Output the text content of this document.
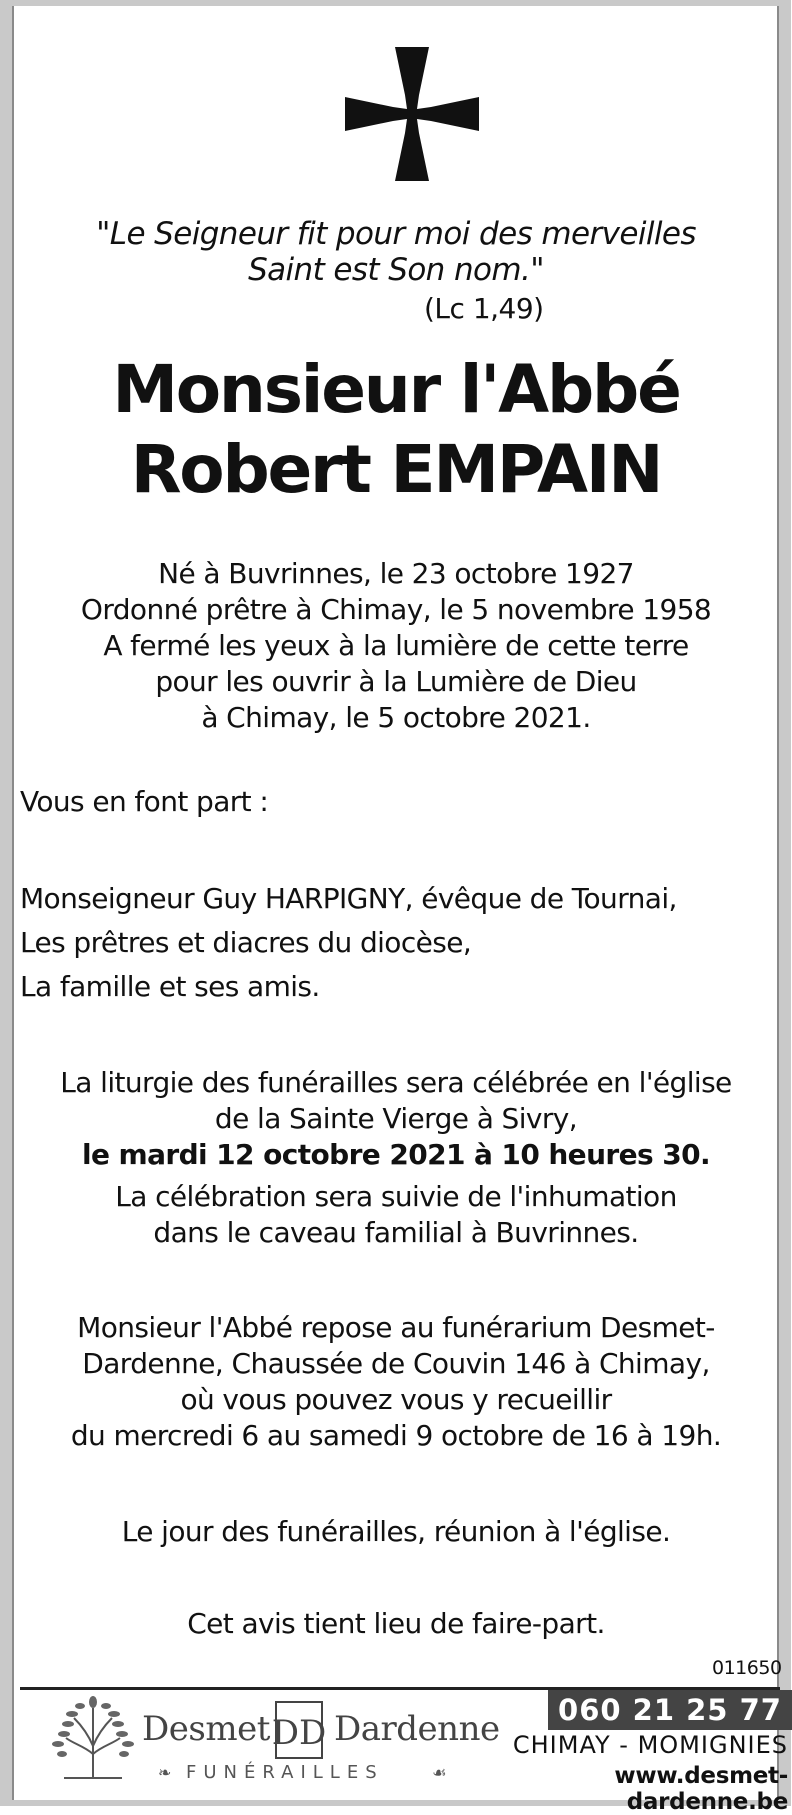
"Le Seigneur fit pour moi des merveilles
Saint est Son nom."
(Lc 1,49)
Monsieur l'Abbé
Robert EMPAIN
Né à Buvrinnes, le 23 octobre 1927
Ordonné prêtre à Chimay, le 5 novembre 1958
A fermé les yeux à la lumière de cette terre
pour les ouvrir à la Lumière de Dieu
à Chimay, le 5 octobre 2021.
Vous en font part :
Monseigneur Guy HARPIGNY, évêque de Tournai,
Les prêtres et diacres du diocèse,
La famille et ses amis.
La liturgie des funérailles sera célébrée en l'église
de la Sainte Vierge à Sivry,
le mardi 12 octobre 2021 à 10 heures 30.
La célébration sera suivie de l'inhumation
dans le caveau familial à Buvrinnes.
Monsieur l'Abbé repose au funérarium Desmet-
Dardenne, Chaussée de Couvin 146 à Chimay,
où vous pouvez vous y recueillir
du mercredi 6 au samedi 9 octobre de 16 à 19h.
Le jour des funérailles, réunion à l'église.
Cet avis tient lieu de faire-part.
011650
Desmet DD Dardenne
❧ FUNÉRAILLES	☙
060 21 25 77
CHIMAY - MOMIGNIES
www.desmet-dardenne.be
